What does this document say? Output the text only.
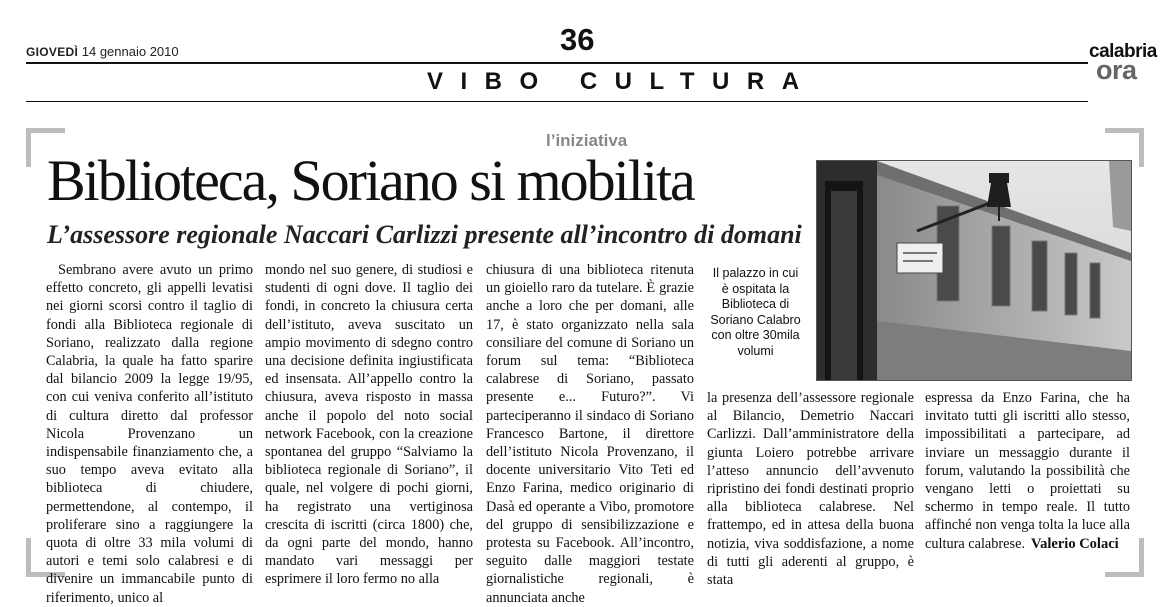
GIOVEDÌ 14 gennaio 2010	36
VIBO CULTURA
calabria
ora
l’iniziativa
Biblioteca, Soriano si mobilita
L’assessore regionale Naccari Carlizzi presente all’incontro di domani
Il palazzo in cui è ospitata la Biblioteca di Soriano Calabro con oltre 30mila volumi

Sembrano avere avuto un primo effetto concreto, gli appelli levatisi nei giorni scorsi contro il taglio di fondi alla Biblioteca regionale di Soriano, realizzato dalla regione Calabria, la quale ha fatto sparire dal bilancio 2009 la legge 19/95, con cui veniva conferito all’istituto di cultura diretto dal professor Nicola Provenzano un indispensabile finanziamento che, a suo tempo aveva evitato alla biblioteca di chiudere, permettendone, al contempo, il proliferare sino a raggiungere la quota di oltre 33 mila volumi di autori e temi solo calabresi e di divenire un immancabile punto di riferimento, unico al

mondo nel suo genere, di studiosi e studenti di ogni dove. Il taglio dei fondi, in concreto la chiusura certa dell’istituto, aveva suscitato un ampio movimento di sdegno contro una decisione definita ingiustificata ed insensata. All’appello contro la chiusura, aveva risposto in massa anche il popolo del noto social network Facebook, con la creazione spontanea del gruppo “Salviamo la biblioteca regionale di Soriano”, il quale, nel volgere di pochi giorni, ha registrato una vertiginosa crescita di iscritti (circa 1800) che, da ogni parte del mondo, hanno mandato vari messaggi per esprimere il loro fermo no alla

chiusura di una biblioteca ritenuta un gioiello raro da tutelare. È grazie anche a loro che per domani, alle 17, è stato organizzato nella sala consiliare del comune di Soriano un forum sul tema: “Biblioteca calabrese di Soriano, passato presente e... Futuro?”. Vi parteciperanno il sindaco di Soriano Francesco Bartone, il direttore dell’istituto Nicola Provenzano, il docente universitario Vito Teti ed Enzo Farina, medico originario di Dasà ed operante a Vibo, promotore del gruppo di sensibilizzazione e protesta su Facebook. All’incontro, seguito dalle maggiori testate giornalistiche regionali, è annunciata anche

la presenza dell’assessore regionale al Bilancio, Demetrio Naccari Carlizzi. Dall’amministratore della giunta Loiero potrebbe arrivare l’atteso annuncio dell’avvenuto ripristino dei fondi destinati proprio alla biblioteca calabrese. Nel frattempo, ed in attesa della buona notizia, viva soddisfazione, a nome di tutti gli aderenti al gruppo, è stata

espressa da Enzo Farina, che ha invitato tutti gli iscritti allo stesso, impossibilitati a partecipare, ad inviare un messaggio durante il forum, valutando la possibilità che vengano letti o proiettati su schermo in tempo reale. Il tutto affinché non venga tolta la luce alla cultura calabrese. Valerio Colaci
